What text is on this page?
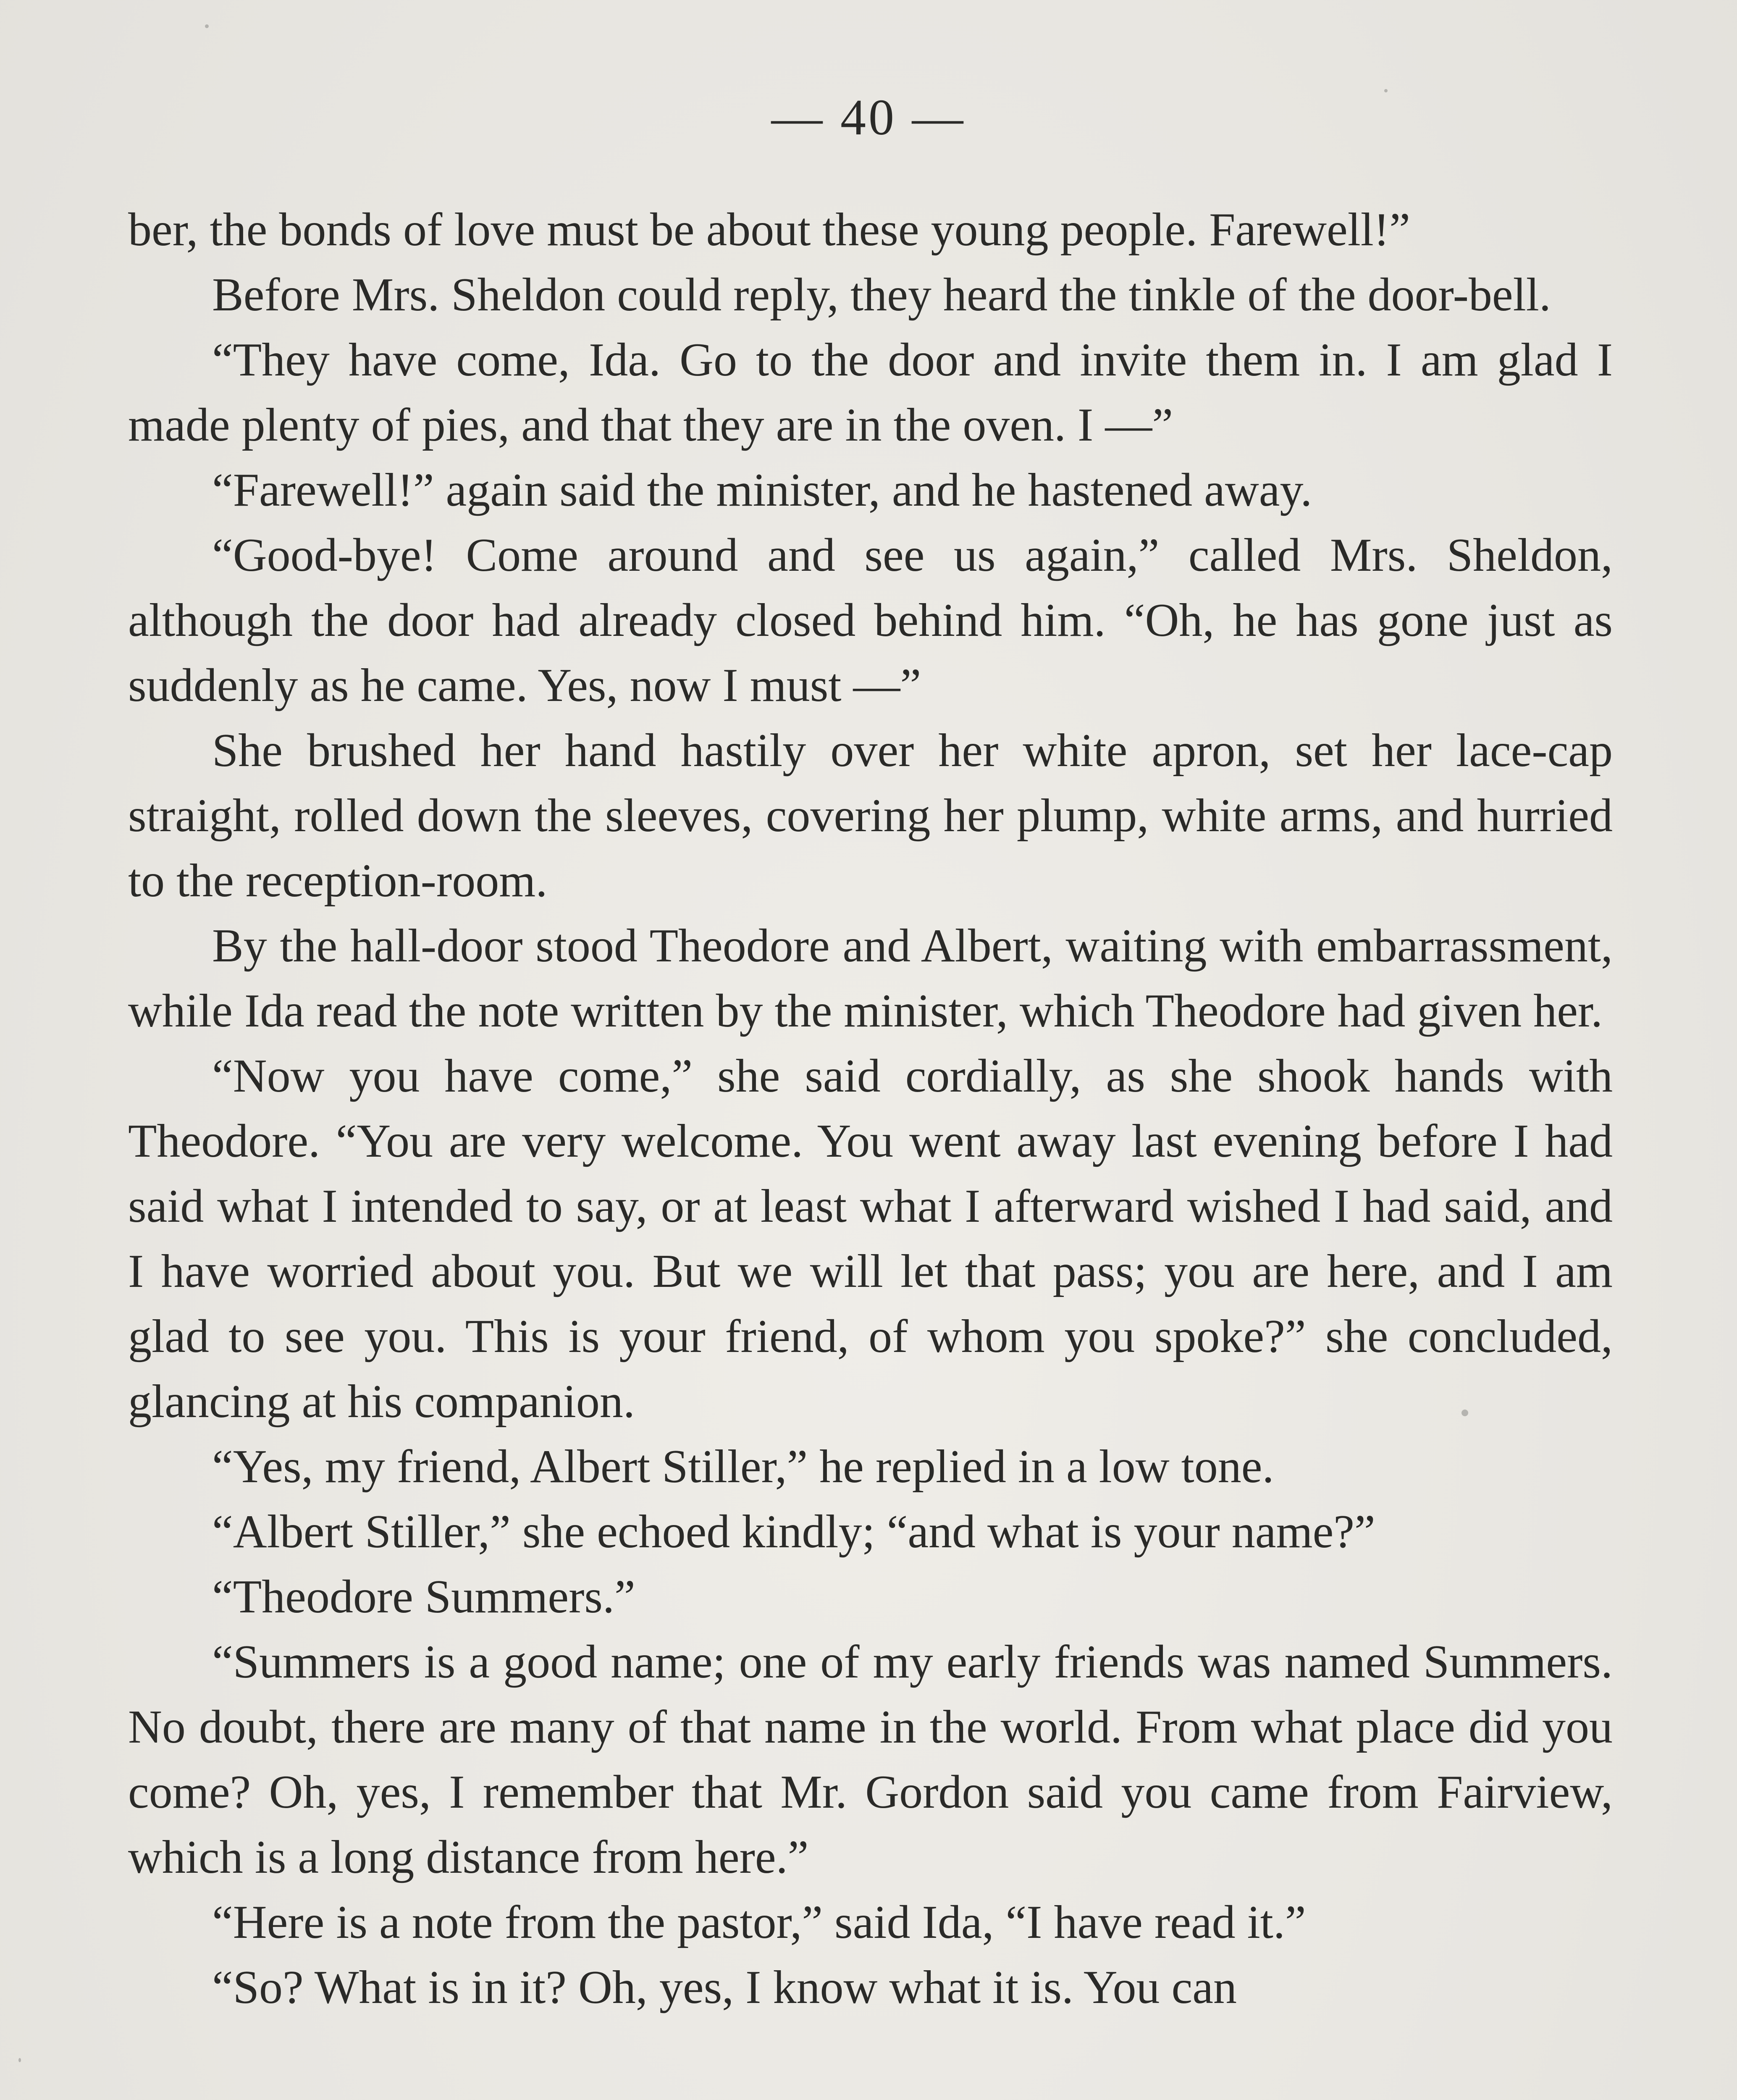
— 40 —

ber, the bonds of love must be about these young people. Farewell!”

Before Mrs. Sheldon could reply, they heard the tinkle of the door-bell.

“They have come, Ida. Go to the door and invite them in. I am glad I made plenty of pies, and that they are in the oven. I —”

“Farewell!” again said the minister, and he hastened away.

“Good-bye! Come around and see us again,” called Mrs. Sheldon, although the door had already closed behind him. “Oh, he has gone just as suddenly as he came. Yes, now I must —”

She brushed her hand hastily over her white apron, set her lace-cap straight, rolled down the sleeves, covering her plump, white arms, and hurried to the reception-room.

By the hall-door stood Theodore and Albert, waiting with embarrassment, while Ida read the note written by the minister, which Theodore had given her.

“Now you have come,” she said cordially, as she shook hands with Theodore. “You are very welcome. You went away last evening before I had said what I intended to say, or at least what I afterward wished I had said, and I have worried about you. But we will let that pass; you are here, and I am glad to see you. This is your friend, of whom you spoke?” she concluded, glancing at his companion.

“Yes, my friend, Albert Stiller,” he replied in a low tone.

“Albert Stiller,” she echoed kindly; “and what is your name?”

“Theodore Summers.”

“Summers is a good name; one of my early friends was named Summers. No doubt, there are many of that name in the world. From what place did you come? Oh, yes, I remember that Mr. Gordon said you came from Fairview, which is a long distance from here.”

“Here is a note from the pastor,” said Ida, “I have read it.”

“So? What is in it? Oh, yes, I know what it is. You can
